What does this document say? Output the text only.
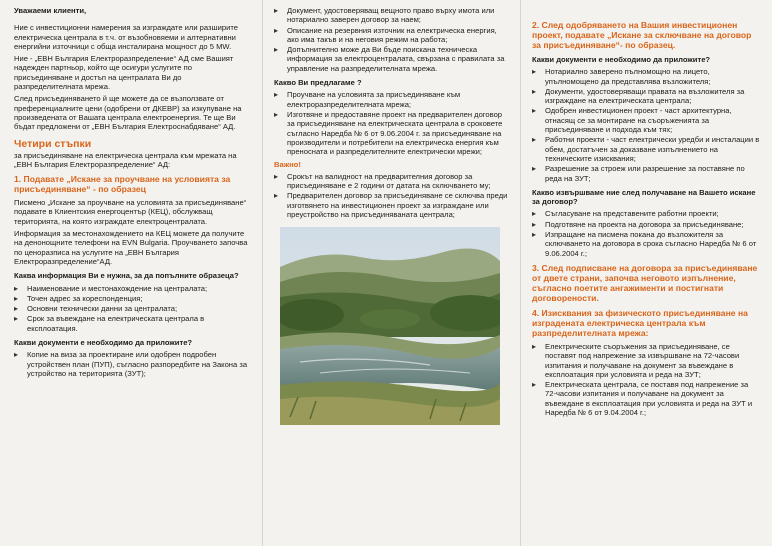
Уважаеми клиенти,

Ние с инвестиционни намерения за изграждате или разширите електрическа централа в т.ч. от възобновяеми и алтернативни енергийни източници с обща инсталирана мощност до 5 MW.

Ние - „ЕВН България Електроразпределение“ АД сме Вашият надежден партньор, който ще осигури услугите по присъединяване и достъп на централата Ви до разпределителната мрежа.

След присъединяването й ще можете да се възползвате от преференциалните цени (одобрени от ДКЕВР) за изкупуване на произведената от Вашата централа електроенергия. Те ще Ви бъдат предложени от „ЕВН България Електроснабдяване“ АД.

Четири стъпки

за присъединяване на електрическа централа към мрежата на „ЕВН България Електроразпределение“ АД:

1. Подавате „Искане за проучване на условията за присъединяване“ - по образец

Писмено „Искане за проучване на условията за присъединяване“ подавате в Клиентския енергоцентър (КЕЦ), обслужващ територията, на която изграждате електроцентралата.

Информация за местонахождението на КЕЦ можете да получите на денонощните телефони на EVN Bulgaria. Проучването започва по ценоразписа на услугите на „ЕВН България Електроразпределение“АД.

Каква информация Ви е нужна, за да попълните образеца?

▸ Наименование и местонахождение на централата;
▸ Точен адрес за кореспонденция;
▸ Основни технически данни за централата;
▸ Срок за въвеждане на електрическата централа в експлоатация.

Какви документи е необходимо да приложите?

▸ Копие на виза за проектиране или одобрен подробен устройствен план (ПУП), съгласно разпоредбите на Закона за устройство на територията (ЗУТ);
▸ Документ, удостоверяващ вещното право върху имота или нотариално заверен договор за наем;
▸ Описание на резервния източник на електрическа енергия, ако има такъв и на неговия режим на работа;
▸ Допълнително може да Ви бъде поискана техническа информация за електроцентралата, свързана с правилата за управление на разпределителната мрежа.

Какво Ви предлагаме ?

▸ Проучване на условията за присъединяване към електроразпределителната мрежа;
▸ Изготвяне и предоставяне проект на предварителен договор за присъединяване на електрическата централа в сроковете съгласно Наредба № 6 от 9.06.2004 г. за присъединяване на производители и потребители на електрическа енергия към преносната и разпределителните електрически мрежи;

Важно!

▸ Срокът на валидност на предварителния договор за присъединяване е 2 години от датата на сключването му;
▸ Предварителен договор за присъединяване се сключва преди изготвянето на инвестиционен проект за изграждане или преустройство на присъединяваната централа;

2. След одобряването на Вашия инвестиционен проект, подавате „Искане за сключване на договор за присъединяване“- по образец.

Какви документи е необходимо да приложите?

▸ Нотариално заверено пълномощно на лицето, упълномощено да представлява възложителя;
▸ Документи, удостоверяващи правата на възложителя за изграждане на електрическата централа;
▸ Одобрен инвестиционен проект - част архитектурна, отнасящ се за монтиране на съоръженията за присъединяване и подхода към тях;
▸ Работни проекти - част електрически уредби и инсталации в обем, достатъчен за доказване изпълнението на техническите изисквания;
▸ Разрешение за строеж или разрешение за поставяне по реда на ЗУТ;

Какво извършваме ние след получаване на Вашето искане за договор?

▸ Съгласуване на представените работни проекти;
▸ Подготвяне на проекта на договора за присъединяване;
▸ Изпращане на писмена покана до възложителя за сключването на договора в срока съгласно Наредба № 6 от 9.06.2004 г.;

3. След подписване на договора за присъединяване от двете страни, започва неговото изпълнение, съгласно поетите ангажименти и постигнати договорености.

4. Изисквания за физическото присъединяване на изградената електрическа централа към разпределителната мрежа:

▸ Електрическите съоръжения за присъединяване, се поставят под напрежение за извършване на 72-часови изпитания и получаване на документ за въвеждане в експлоатация при условията и реда на ЗУТ;
▸ Електрическата централа, се поставя под напрежение за 72-часови изпитания и получаване на документ за въвеждане в експлоатация при условията и реда на ЗУТ и Наредба № 6 от 9.04.2004 г.;
